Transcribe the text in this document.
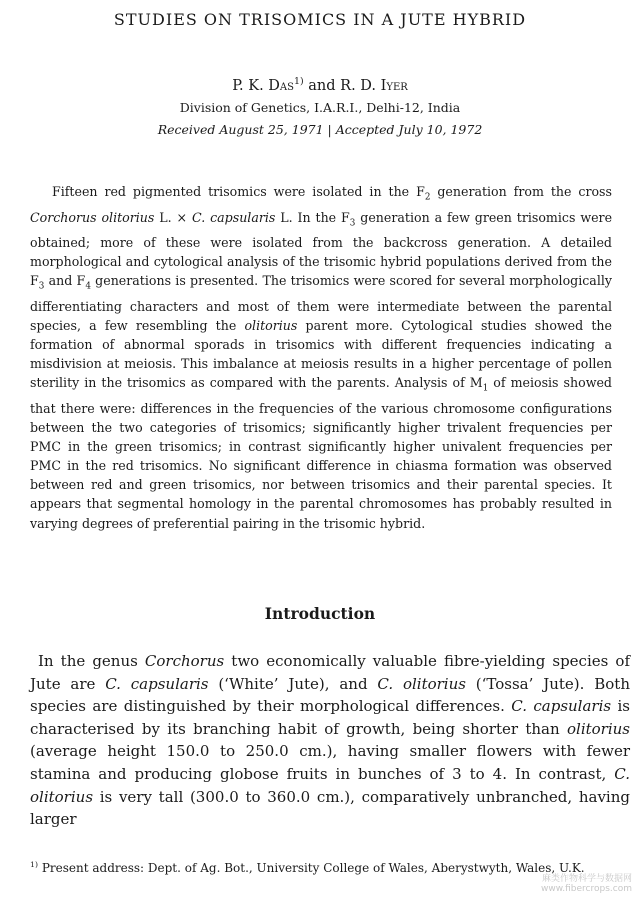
STUDIES ON TRISOMICS IN A JUTE HYBRID
P. K. Das$^{1)}$ and R. D. Iyer
Division of Genetics, I.A.R.I., Delhi-12, India
Received August 25, 1971 | Accepted July 10, 1972

Fifteen red pigmented trisomics were isolated in the $F_2$ generation from the cross Corchorus olitorius L. × C. capsularis L. In the $F_3$ generation a few green trisomics were obtained; more of these were isolated from the backcross generation. A detailed morphological and cytological analysis of the trisomic hybrid populations derived from the $F_3$ and $F_4$ generations is presented. The trisomics were scored for several morphologically differentiating characters and most of them were intermediate between the parental species, a few resembling the olitorius parent more. Cytological studies showed the formation of abnormal sporads in trisomics with different frequencies indicating a misdivision at meiosis. This imbalance at meiosis results in a higher percentage of pollen sterility in the trisomics as compared with the parents. Analysis of $M_1$ of meiosis showed that there were: differences in the frequencies of the various chromosome configurations between the two categories of trisomics; significantly higher trivalent frequencies per PMC in the green trisomics; in contrast significantly higher univalent frequencies per PMC in the red trisomics. No significant difference in chiasma formation was observed between red and green trisomics, nor between trisomics and their parental species. It appears that segmental homology in the parental chromosomes has probably resulted in varying degrees of preferential pairing in the trisomic hybrid.

Introduction

In the genus Corchorus two economically valuable fibre-yielding species of Jute are C. capsularis (‘White’ Jute), and C. olitorius (‘Tossa’ Jute). Both species are distinguished by their morphological differences. C. capsularis is characterised by its branching habit of growth, being shorter than olitorius (average height 150.0 to 250.0 cm.), having smaller flowers with fewer stamina and producing globose fruits in bunches of 3 to 4. In contrast, C. olitorius is very tall (300.0 to 360.0 cm.), comparatively unbranched, having larger

$^{1)}$ Present address: Dept. of Ag. Bot., University College of Wales, Aberystwyth, Wales, U.K.

麻类作物科学与数据网
www.fibercrops.com
